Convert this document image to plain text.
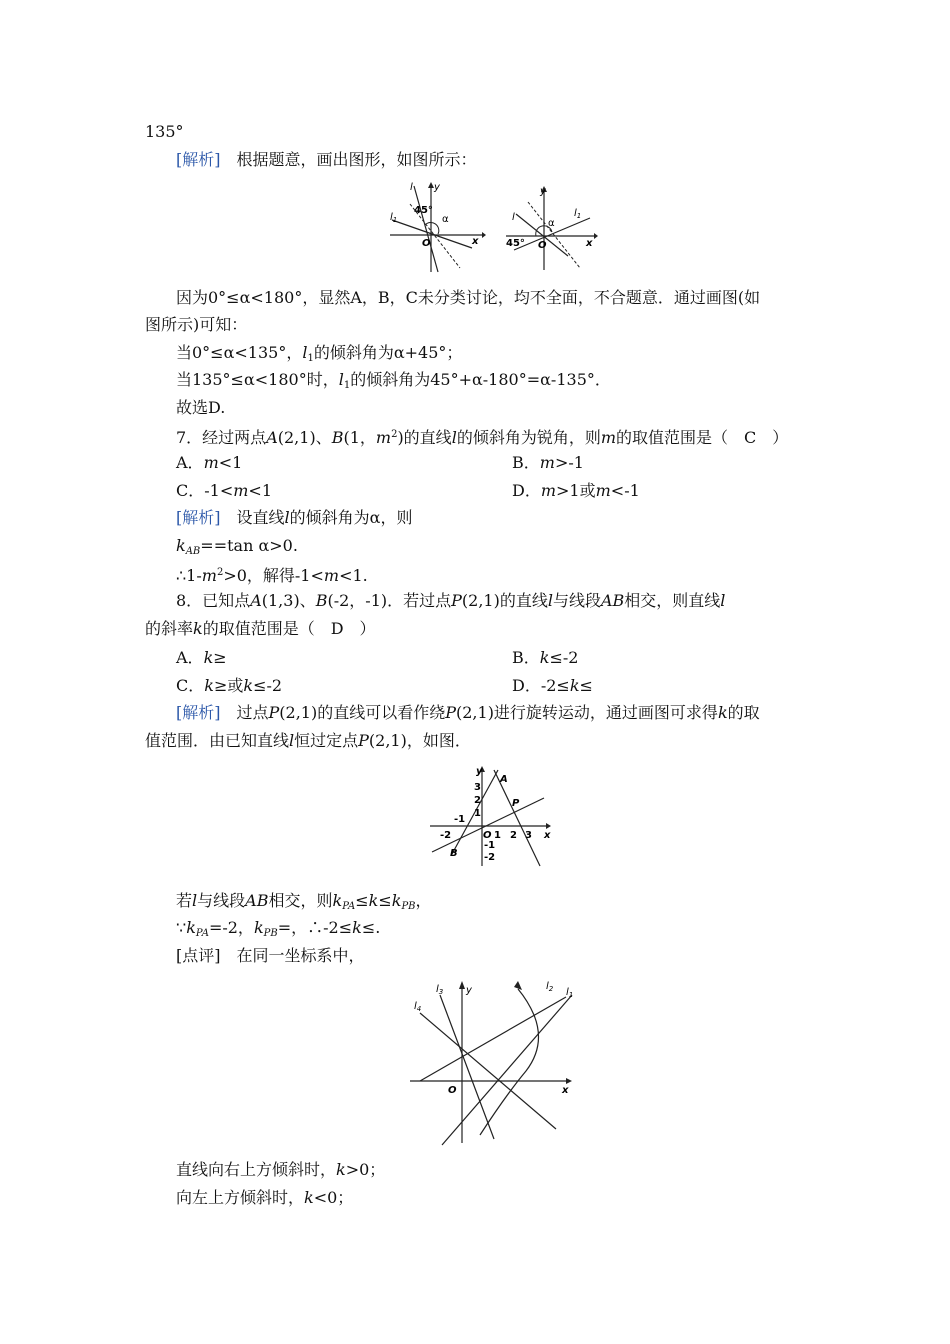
135°
[解析]　 根据题意，画出图形，如图所示：
l y
$l_1$
45°
α
O	x
y
l	$l_1$
α
45° O	x
因为0°≤α<180°，显然A，B，C未分类讨论，均不全面，不合题意．通过画图(如
图所示)可知：
当0°≤α<135°，$l_1$的倾斜角为α+45°；
当135°≤α<180°时，$l_1$的倾斜角为45°+α-180°=α-135°．
故选D.
7．经过两点A(2,1)、B(1，$m^2$)的直线l的倾斜角为锐角，则m的取值范围是（　C　）
A．m<1	B．m>-1
C．-1<m<1	D．m>1或m<-1
[解析]　 设直线l的倾斜角为α，则
$k_{AB}==\tan$ α>0.
$\therefore 1-m^2>0$，解得-1<m<1.
8．已知点A(1,3)、B(-2，-1)．若过点P(2,1)的直线l与线段AB相交，则直线l
的斜率k的取值范围是（　D　）
A．k≥	B．k≤-2
C．k≥或k≤-2	D．-2≤k≤
[解析]　 过点P(2,1)的直线可以看作绕P(2,1)进行旋转运动，通过画图可求得k的取
值范围．由已知直线l恒过定点P(2,1)，如图．
y
A
3
2
1
-1
P
-2	O 1 2 3 x
B
-1
-2
若l与线段AB相交，则$k_{PA}\le k\le k_{PB}$，
$\because k_{PA}=-2$，$k_{PB}=$，∴-2≤k≤.
[点评]　 在同一坐标系中，
y
$l_3$	$l_2$ $l_1$
$l_4$
O	x
直线向右上方倾斜时，k>0；
向左上方倾斜时，k<0；
